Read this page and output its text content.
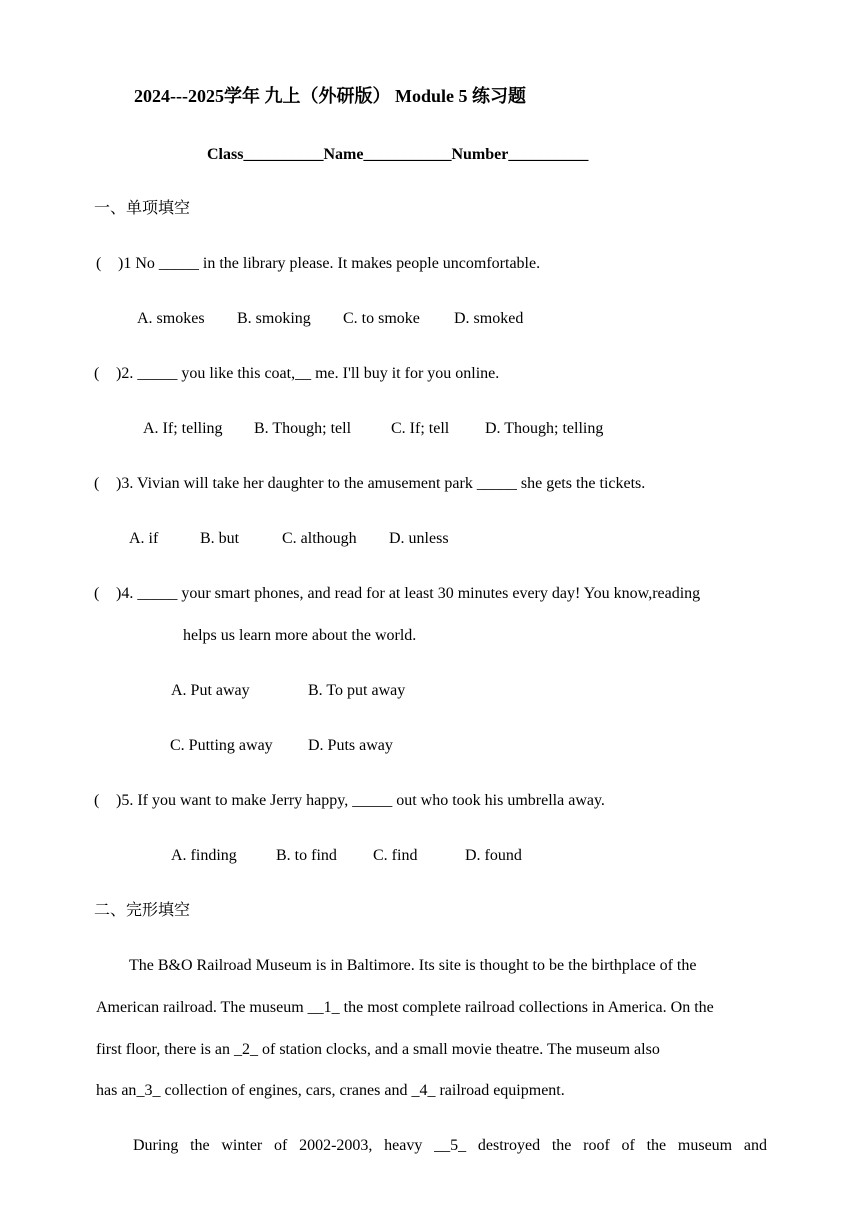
2024---2025学年 九上（外研版） Module 5 练习题
Class__________Name___________Number__________
一、单项填空
( )1 No _____ in the library please. It makes people uncomfortable.
A. smokes B. smoking C. to smoke D. smoked
( )2. _____ you like this coat,__ me. I'll buy it for you online.
A. If; telling B. Though; tell C. If; tell D. Though; telling
( )3. Vivian will take her daughter to the amusement park _____ she gets the tickets.
A. if	B. but	C. although D. unless
( )4. _____ your smart phones, and read for at least 30 minutes every day! You know,reading
helps us learn more about the world.
A. Put away	B. To put away
C. Putting away D. Puts away
( )5. If you want to make Jerry happy, _____ out who took his umbrella away.
A. finding B. to find C. find	D. found
二、完形填空
The B&O Railroad Museum is in Baltimore. Its site is thought to be the birthplace of the
American railroad. The museum __1_ the most complete railroad collections in America. On the
first floor, there is an _2_ of station clocks, and a small movie theatre. The museum also
has an_3_ collection of engines, cars, cranes and _4_ railroad equipment.
During the winter of 2002-2003, heavy __5_ destroyed the roof of the museum and
